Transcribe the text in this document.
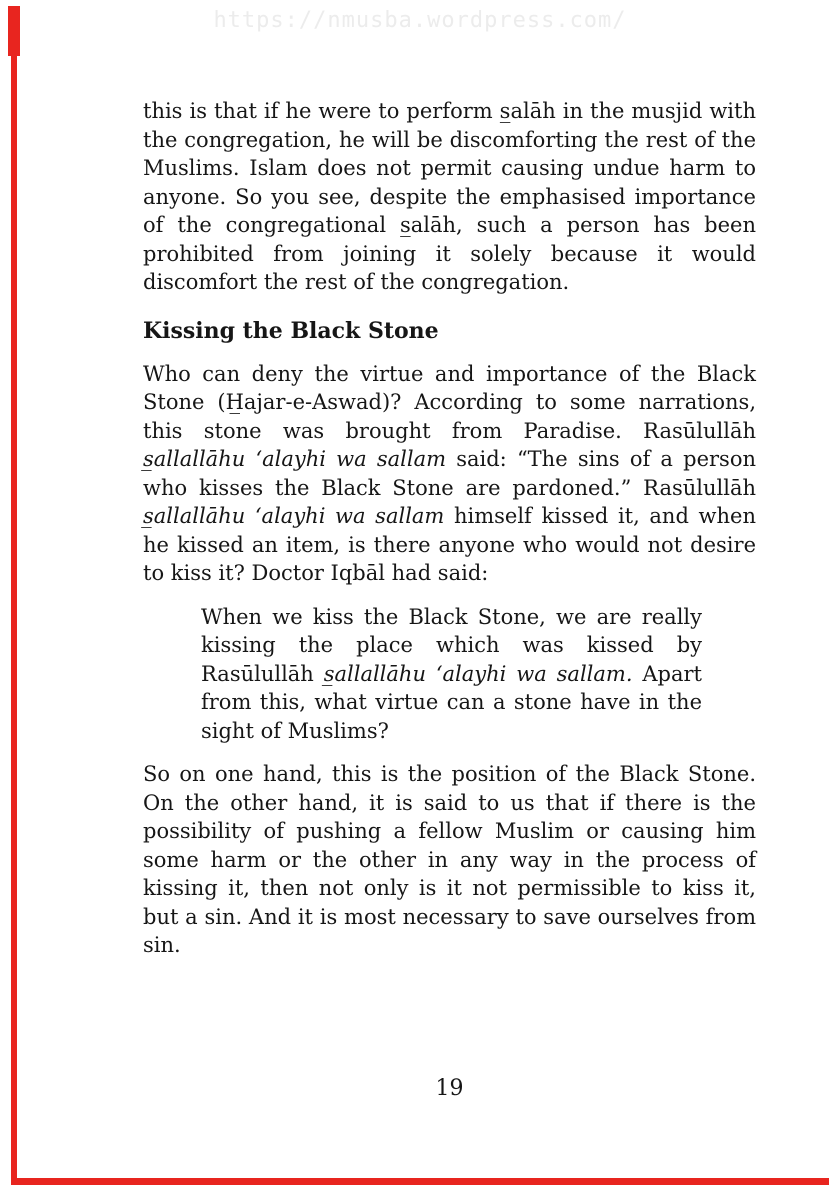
https://nmusba.wordpress.com/

this is that if he were to perform s̲alāh in the musjid with the congregation, he will be discomforting the rest of the Muslims. Islam does not permit causing undue harm to anyone. So you see, despite the emphasised importance of the congregational s̲alāh, such a person has been prohibited from joining it solely because it would discomfort the rest of the congregation.

Kissing the Black Stone

Who can deny the virtue and importance of the Black Stone (H̲ajar-e-Aswad)? According to some narrations, this stone was brought from Paradise. Rasūlullāh s̲allallāhu ‘alayhi wa sallam said: “The sins of a person who kisses the Black Stone are pardoned.” Rasūlullāh s̲allallāhu ‘alayhi wa sallam himself kissed it, and when he kissed an item, is there anyone who would not desire to kiss it? Doctor Iqbāl had said:

When we kiss the Black Stone, we are really kissing the place which was kissed by Rasūlullāh s̲allallāhu ‘alayhi wa sallam. Apart from this, what virtue can a stone have in the sight of Muslims?

So on one hand, this is the position of the Black Stone. On the other hand, it is said to us that if there is the possibility of pushing a fellow Muslim or causing him some harm or the other in any way in the process of kissing it, then not only is it not permissible to kiss it, but a sin. And it is most necessary to save ourselves from sin.

19
